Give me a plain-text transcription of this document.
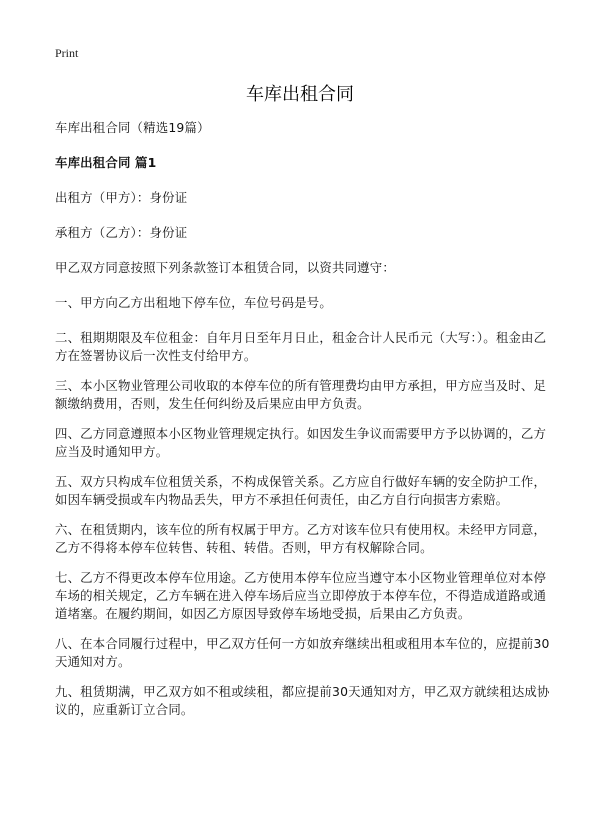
Print
车库出租合同

车库出租合同（精选19篇）

车库出租合同 篇1

出租方（甲方）：身份证

承租方（乙方）：身份证

甲乙双方同意按照下列条款签订本租赁合同，以资共同遵守：

一、甲方向乙方出租地下停车位，车位号码是号。

二、租期期限及车位租金：自年月日至年月日止，租金合计人民币元（大写：）。租金由乙方在签署协议后一次性支付给甲方。

三、本小区物业管理公司收取的本停车位的所有管理费均由甲方承担，甲方应当及时、足额缴纳费用，否则，发生任何纠纷及后果应由甲方负责。

四、乙方同意遵照本小区物业管理规定执行。如因发生争议而需要甲方予以协调的，乙方应当及时通知甲方。

五、双方只构成车位租赁关系，不构成保管关系。乙方应自行做好车辆的安全防护工作，如因车辆受损或车内物品丢失，甲方不承担任何责任，由乙方自行向损害方索赔。

六、在租赁期内，该车位的所有权属于甲方。乙方对该车位只有使用权。未经甲方同意，乙方不得将本停车位转售、转租、转借。否则，甲方有权解除合同。

七、乙方不得更改本停车位用途。乙方使用本停车位应当遵守本小区物业管理单位对本停车场的相关规定，乙方车辆在进入停车场后应当立即停放于本停车位，不得造成道路或通道堵塞。在履约期间，如因乙方原因导致停车场地受损，后果由乙方负责。

八、在本合同履行过程中，甲乙双方任何一方如放弃继续出租或租用本车位的，应提前30天通知对方。

九、租赁期满，甲乙双方如不租或续租，都应提前30天通知对方，甲乙双方就续租达成协议的，应重新订立合同。
